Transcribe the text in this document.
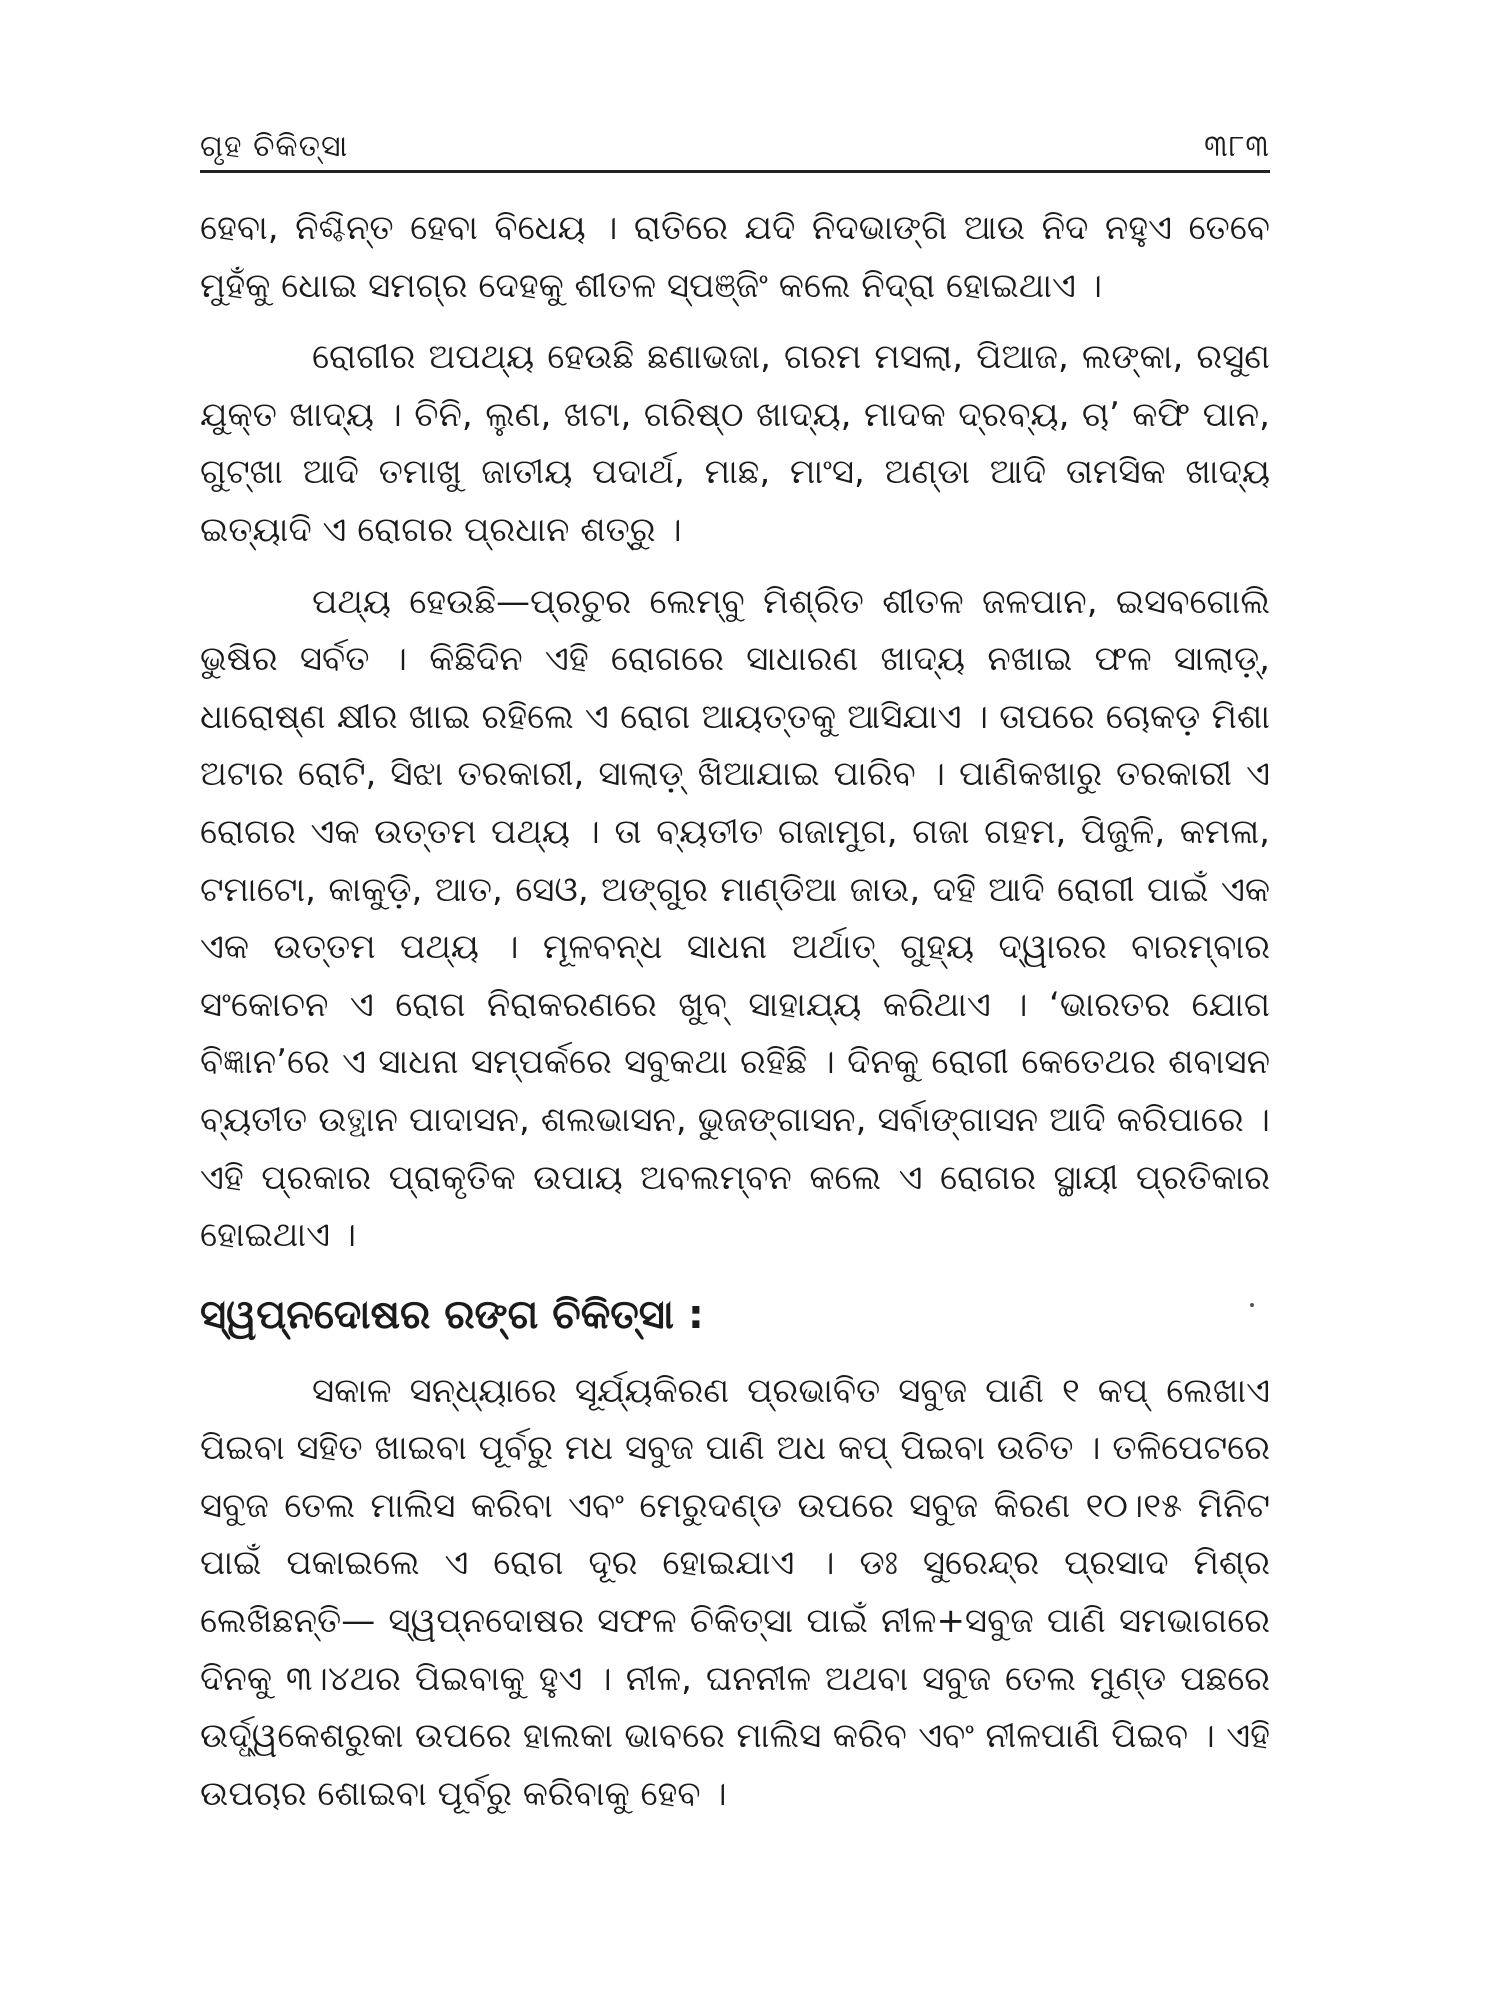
ଗୃହ ଚିକିତ୍ସା	୩୮୩

ହେବା, ନିଶ୍ଚିନ୍ତ ହେବା ବିଧେୟ । ରାତିରେ ଯଦି ନିଦଭାଙ୍ଗି ଆଉ ନିଦ ନହୁଏ ତେବେ ମୁହଁକୁ ଧୋଇ ସମଗ୍ର ଦେହକୁ ଶୀତଳ ସ୍ପଞ୍ଜିଂ କଲେ ନିଦ୍ରା ହୋଇଥାଏ ।

ରୋଗୀର ଅପଥ୍ୟ ହେଉଛି ଛଣାଭଜା, ଗରମ ମସଲା, ପିଆଜ, ଲଙ୍କା, ରସୁଣ ଯୁକ୍ତ ଖାଦ୍ୟ । ଚିନି, ଲୁଣ, ଖଟା, ଗରିଷ୍ଠ ଖାଦ୍ୟ, ମାଦକ ଦ୍ରବ୍ୟ, ଚା’ କଫି ପାନ, ଗୁଟ୍‌ଖା ଆଦି ତମାଖୁ ଜାତୀୟ ପଦାର୍ଥ, ମାଛ, ମାଂସ, ଅଣ୍ଡା ଆଦି ତାମସିକ ଖାଦ୍ୟ ଇତ୍ୟାଦି ଏ ରୋଗର ପ୍ରଧାନ ଶତ୍ରୁ ।

ପଥ୍ୟ ହେଉଛି—ପ୍ରଚୁର ଲେମ୍ବୁ ମିଶ୍ରିତ ଶୀତଳ ଜଳପାନ, ଇସବଗୋଲି ଭୁଷିର ସର୍ବତ । କିଛିଦିନ ଏହି ରୋଗରେ ସାଧାରଣ ଖାଦ୍ୟ ନଖାଇ ଫଳ ସାଲାଡ଼୍, ଧାରୋଷ୍ଣ କ୍ଷୀର ଖାଇ ରହିଲେ ଏ ରୋଗ ଆୟତ୍ତକୁ ଆସିଯାଏ । ତାପରେ ଚୋକଡ଼ ମିଶା ଅଟାର ରୋଟି, ସିଝା ତରକାରୀ, ସାଲାଡ଼୍ ଖିଆଯାଇ ପାରିବ । ପାଣିକଖାରୁ ତରକାରୀ ଏ ରୋଗର ଏକ ଉତ୍ତମ ପଥ୍ୟ । ତା ବ୍ୟତୀତ ଗଜାମୁଗ, ଗଜା ଗହମ, ପିଜୁଳି, କମଳା, ଟମାଟୋ, କାକୁଡ଼ି, ଆତ, ସେଓ, ଅଙ୍ଗୁର ମାଣ୍ଡିଆ ଜାଉ, ଦହି ଆଦି ରୋଗୀ ପାଇଁ ଏକ ଏକ ଉତ୍ତମ ପଥ୍ୟ । ମୂଳବନ୍ଧ ସାଧନା ଅର୍ଥାତ୍ ଗୁହ୍ୟ ଦ୍ୱାରର ବାରମ୍ବାର ସଂକୋଚନ ଏ ରୋଗ ନିରାକରଣରେ ଖୁବ୍ ସାହାଯ୍ୟ କରିଥାଏ । ‘ଭାରତର ଯୋଗ ବିଜ୍ଞାନ’ରେ ଏ ସାଧନା ସମ୍ପର୍କରେ ସବୁକଥା ରହିଛି । ଦିନକୁ ରୋଗୀ କେତେଥର ଶବାସନ ବ୍ୟତୀତ ଉତ୍ଥାନ ପାଦାସନ, ଶଲଭାସନ, ଭୁଜଙ୍ଗାସନ, ସର୍ବାଙ୍ଗାସନ ଆଦି କରିପାରେ । ଏହି ପ୍ରକାର ପ୍ରାକୃତିକ ଉପାୟ ଅବଲମ୍ବନ କଲେ ଏ ରୋଗର ସ୍ଥାୟୀ ପ୍ରତିକାର ହୋଇଥାଏ ।

ସ୍ୱପ୍ନଦୋଷର ରଙ୍ଗ ଚିକିତ୍ସା :

ସକାଳ ସନ୍ଧ୍ୟାରେ ସୂର୍ଯ୍ୟକିରଣ ପ୍ରଭାବିତ ସବୁଜ ପାଣି ୧ କପ୍ ଲେଖାଏ ପିଇବା ସହିତ ଖାଇବା ପୂର୍ବରୁ ମଧ ସବୁଜ ପାଣି ଅଧ କପ୍ ପିଇବା ଉଚିତ । ତଳିପେଟରେ ସବୁଜ ତେଲ ମାଲିସ କରିବା ଏବଂ ମେରୁଦଣ୍ଡ ଉପରେ ସବୁଜ କିରଣ ୧୦।୧୫ ମିନିଟ ପାଇଁ ପକାଇଲେ ଏ ରୋଗ ଦୂର ହୋଇଯାଏ । ଡଃ ସୁରେନ୍ଦ୍ର ପ୍ରସାଦ ମିଶ୍ର ଲେଖିଛନ୍ତି— ସ୍ୱପ୍ନଦୋଷର ସଫଳ ଚିକିତ୍ସା ପାଇଁ ନୀଳ+ସବୁଜ ପାଣି ସମଭାଗରେ ଦିନକୁ ୩।୪ଥର ପିଇବାକୁ ହୁଏ । ନୀଳ, ଘନନୀଳ ଅଥବା ସବୁଜ ତେଲ ମୁଣ୍ଡ ପଛରେ ଉର୍ଦ୍ଧ୍ୱକେଶରୁକା ଉପରେ ହାଲକା ଭାବରେ ମାଲିସ କରିବ ଏବଂ ନୀଳପାଣି ପିଇବ । ଏହି ଉପଚାର ଶୋଇବା ପୂର୍ବରୁ କରିବାକୁ ହେବ ।
